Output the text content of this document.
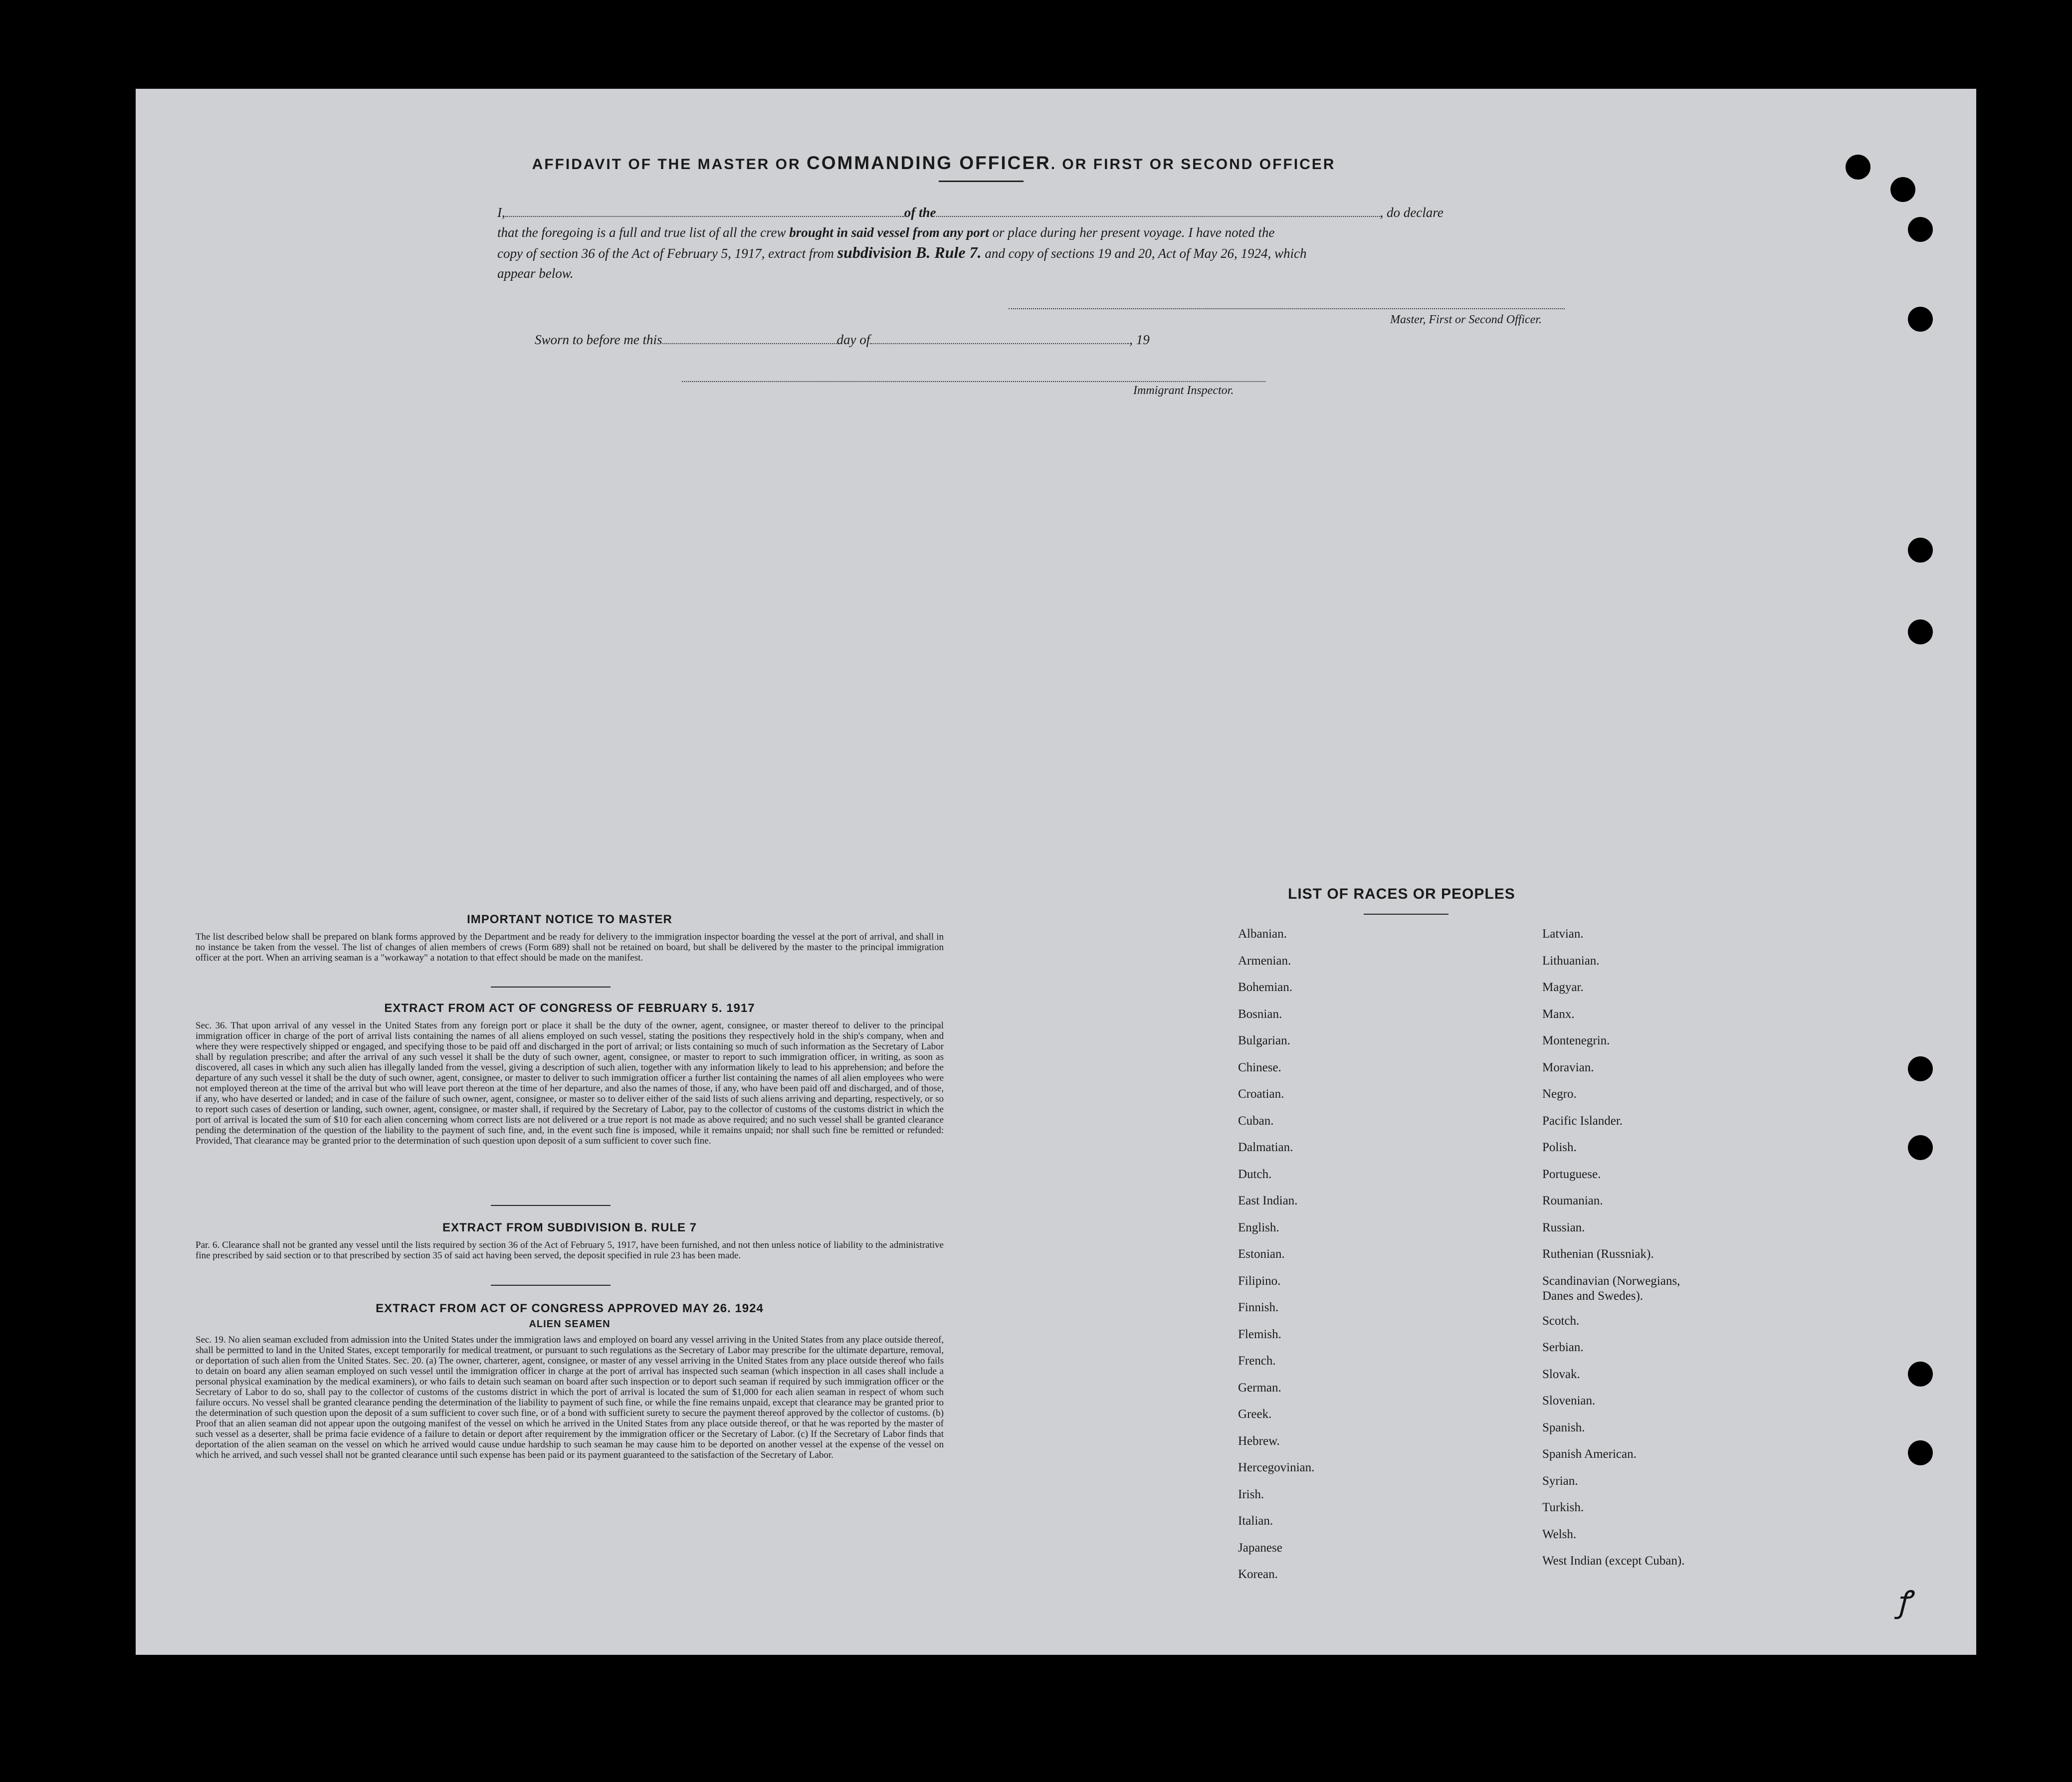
AFFIDAVIT OF THE MASTER OR COMMANDING OFFICER. OR FIRST OR SECOND OFFICER
I,	of the	, do declare
that the foregoing is a full and true list of all the crew brought in said vessel from any port or place during her present voyage. I have noted the
copy of section 36 of the Act of February 5, 1917, extract from subdivision B. Rule 7. and copy of sections 19 and 20, Act of May 26, 1924, which
appear below.
Master, First or Second Officer.
Sworn to before me this	day of	, 19
Immigrant Inspector.
IMPORTANT NOTICE TO MASTER
The list described below shall be prepared on blank forms approved by the Department and be ready for delivery to the immigration inspector boarding the vessel at the port of arrival, and shall in no instance be taken from the vessel. The list of changes of alien members of crews (Form 689) shall not be retained on board, but shall be delivered by the master to the principal immigration officer at the port. When an arriving seaman is a "workaway" a notation to that effect should be made on the manifest.
EXTRACT FROM ACT OF CONGRESS OF FEBRUARY 5. 1917
Sec. 36. That upon arrival of any vessel in the United States from any foreign port or place it shall be the duty of the owner, agent, consignee, or master thereof to deliver to the principal immigration officer in charge of the port of arrival lists containing the names of all aliens employed on such vessel, stating the positions they respectively hold in the ship's company, when and where they were respectively shipped or engaged, and specifying those to be paid off and discharged in the port of arrival; or lists containing so much of such information as the Secretary of Labor shall by regulation prescribe; and after the arrival of any such vessel it shall be the duty of such owner, agent, consignee, or master to report to such immigration officer, in writing, as soon as discovered, all cases in which any such alien has illegally landed from the vessel, giving a description of such alien, together with any information likely to lead to his apprehension; and before the departure of any such vessel it shall be the duty of such owner, agent, consignee, or master to deliver to such immigration officer a further list containing the names of all alien employees who were not employed thereon at the time of the arrival but who will leave port thereon at the time of her departure, and also the names of those, if any, who have been paid off and discharged, and of those, if any, who have deserted or landed; and in case of the failure of such owner, agent, consignee, or master so to deliver either of the said lists of such aliens arriving and departing, respectively, or so to report such cases of desertion or landing, such owner, agent, consignee, or master shall, if required by the Secretary of Labor, pay to the collector of customs of the customs district in which the port of arrival is located the sum of $10 for each alien concerning whom correct lists are not delivered or a true report is not made as above required; and no such vessel shall be granted clearance pending the determination of the question of the liability to the payment of such fine, and, in the event such fine is imposed, while it remains unpaid; nor shall such fine be remitted or refunded: Provided, That clearance may be granted prior to the determination of such question upon deposit of a sum sufficient to cover such fine.
EXTRACT FROM SUBDIVISION B. RULE 7
Par. 6. Clearance shall not be granted any vessel until the lists required by section 36 of the Act of February 5, 1917, have been furnished, and not then unless notice of liability to the administrative fine prescribed by said section or to that prescribed by section 35 of said act having been served, the deposit specified in rule 23 has been made.
EXTRACT FROM ACT OF CONGRESS APPROVED MAY 26. 1924
ALIEN SEAMEN
Sec. 19. No alien seaman excluded from admission into the United States under the immigration laws and employed on board any vessel arriving in the United States from any place outside thereof, shall be permitted to land in the United States, except temporarily for medical treatment, or pursuant to such regulations as the Secretary of Labor may prescribe for the ultimate departure, removal, or deportation of such alien from the United States. Sec. 20. (a) The owner, charterer, agent, consignee, or master of any vessel arriving in the United States from any place outside thereof who fails to detain on board any alien seaman employed on such vessel until the immigration officer in charge at the port of arrival has inspected such seaman (which inspection in all cases shall include a personal physical examination by the medical examiners), or who fails to detain such seaman on board after such inspection or to deport such seaman if required by such immigration officer or the Secretary of Labor to do so, shall pay to the collector of customs of the customs district in which the port of arrival is located the sum of $1,000 for each alien seaman in respect of whom such failure occurs. No vessel shall be granted clearance pending the determination of the liability to payment of such fine, or while the fine remains unpaid, except that clearance may be granted prior to the determination of such question upon the deposit of a sum sufficient to cover such fine, or of a bond with sufficient surety to secure the payment thereof approved by the collector of customs. (b) Proof that an alien seaman did not appear upon the outgoing manifest of the vessel on which he arrived in the United States from any place outside thereof, or that he was reported by the master of such vessel as a deserter, shall be prima facie evidence of a failure to detain or deport after requirement by the immigration officer or the Secretary of Labor. (c) If the Secretary of Labor finds that deportation of the alien seaman on the vessel on which he arrived would cause undue hardship to such seaman he may cause him to be deported on another vessel at the expense of the vessel on which he arrived, and such vessel shall not be granted clearance until such expense has been paid or its payment guaranteed to the satisfaction of the Secretary of Labor.
LIST OF RACES OR PEOPLES
Albanian.
Armenian.
Bohemian.
Bosnian.
Bulgarian.
Chinese.
Croatian.
Cuban.
Dalmatian.
Dutch.
East Indian.
English.
Estonian.
Filipino.
Finnish.
Flemish.
French.
German.
Greek.
Hebrew.
Hercegovinian.
Irish.
Italian.
Japanese
Korean.
Latvian.
Lithuanian.
Magyar.
Manx.
Montenegrin.
Moravian.
Negro.
Pacific Islander.
Polish.
Portuguese.
Roumanian.
Russian.
Ruthenian (Russniak).
Scandinavian (Norwegians,
Danes and Swedes).
Scotch.
Serbian.
Slovak.
Slovenian.
Spanish.
Spanish American.
Syrian.
Turkish.
Welsh.
West Indian (except Cuban).
ꝭ
